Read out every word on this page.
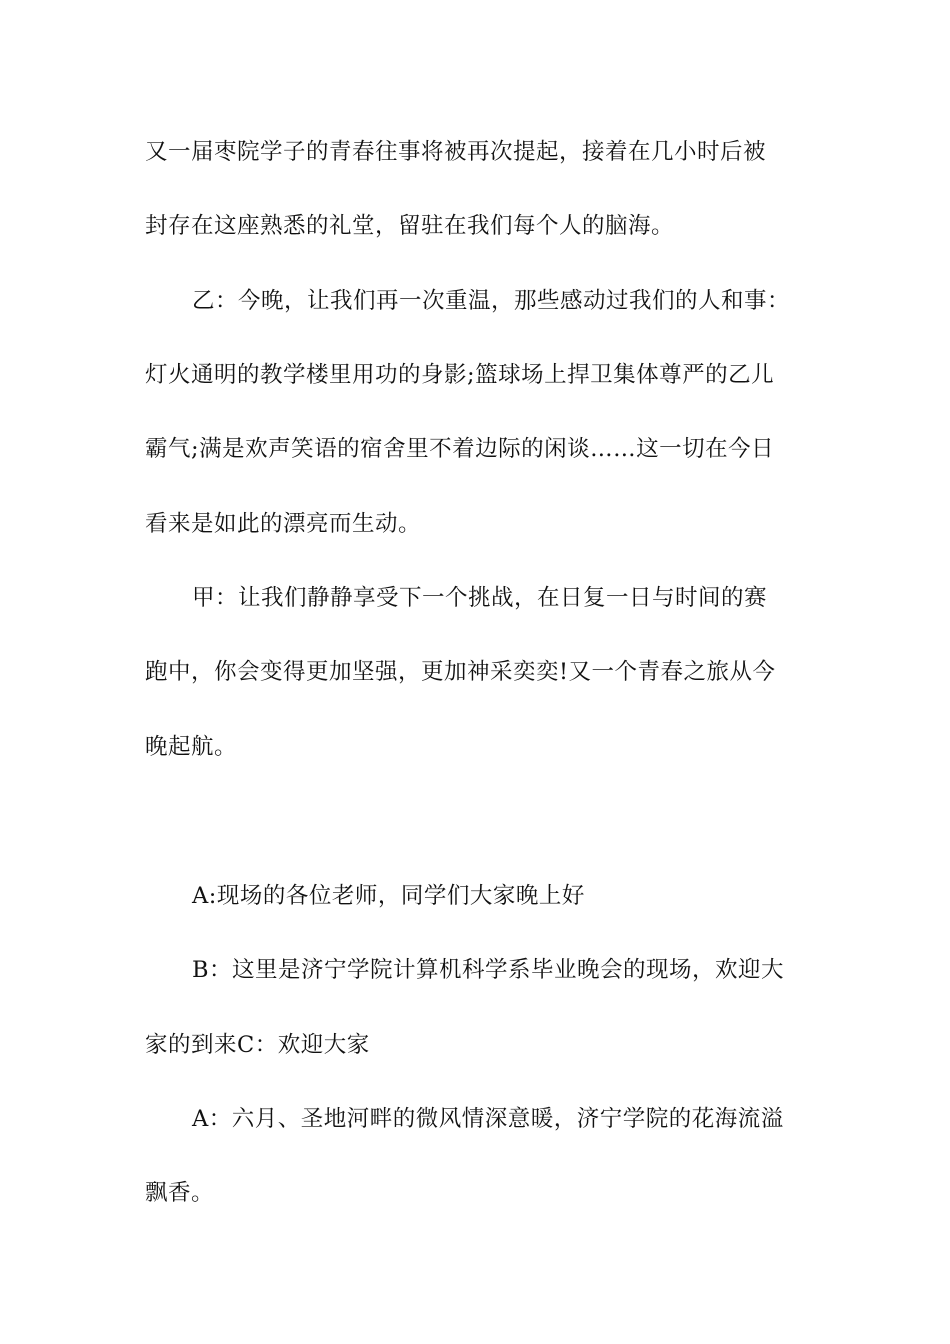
又一届枣院学子的青春往事将被再次提起，接着在几小时后被
封存在这座熟悉的礼堂，留驻在我们每个人的脑海。
乙：今晚，让我们再一次重温，那些感动过我们的人和事：
灯火通明的教学楼里用功的身影;篮球场上捍卫集体尊严的乙儿
霸气;满是欢声笑语的宿舍里不着边际的闲谈……这一切在今日
看来是如此的漂亮而生动。
甲：让我们静静享受下一个挑战，在日复一日与时间的赛
跑中，你会变得更加坚强，更加神采奕奕!又一个青春之旅从今
晚起航。
A:现场的各位老师，同学们大家晚上好
B：这里是济宁学院计算机科学系毕业晚会的现场，欢迎大
家的到来C：欢迎大家
A：六月、圣地河畔的微风情深意暖，济宁学院的花海流溢
飘香。
